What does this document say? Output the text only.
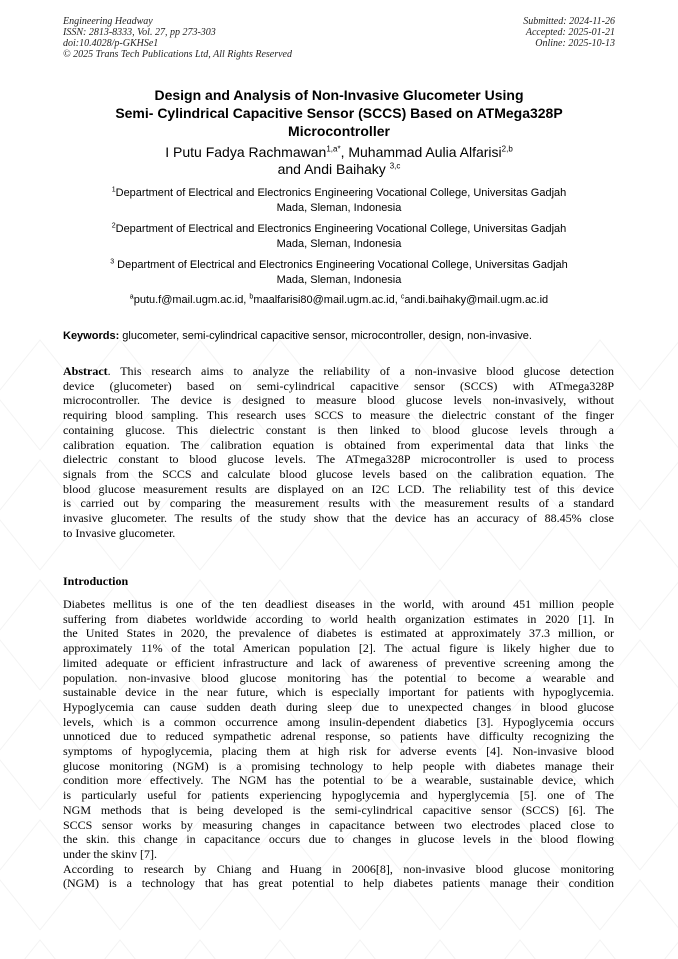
Engineering Headway
ISSN: 2813-8333, Vol. 27, pp 273-303
doi:10.4028/p-GKHSe1
© 2025 Trans Tech Publications Ltd, All Rights Reserved
Submitted: 2024-11-26
Accepted: 2025-01-21
Online: 2025-10-13
Design and Analysis of Non-Invasive Glucometer Using
Semi- Cylindrical Capacitive Sensor (SCCS) Based on ATMega328P
Microcontroller
I Putu Fadya Rachmawan$^{1,a*}$, Muhammad Aulia Alfarisi$^{2,b}$
and Andi Baihaky $^{3,c}$
$^1$Department of Electrical and Electronics Engineering Vocational College, Universitas Gadjah
Mada, Sleman, Indonesia
$^2$Department of Electrical and Electronics Engineering Vocational College, Universitas Gadjah
Mada, Sleman, Indonesia
$^3$ Department of Electrical and Electronics Engineering Vocational College, Universitas Gadjah
Mada, Sleman, Indonesia
$^a$putu.f@mail.ugm.ac.id, $^b$maalfarisi80@mail.ugm.ac.id, $^c$andi.baihaky@mail.ugm.ac.id
Keywords: glucometer, semi-cylindrical capacitive sensor, microcontroller, design, non-invasive.
Abstract. This research aims to analyze the reliability of a non-invasive blood glucose detection
device (glucometer) based on semi-cylindrical capacitive sensor (SCCS) with ATmega328P
microcontroller. The device is designed to measure blood glucose levels non-invasively, without
requiring blood sampling. This research uses SCCS to measure the dielectric constant of the finger
containing glucose. This dielectric constant is then linked to blood glucose levels through a
calibration equation. The calibration equation is obtained from experimental data that links the
dielectric constant to blood glucose levels. The ATmega328P microcontroller is used to process
signals from the SCCS and calculate blood glucose levels based on the calibration equation. The
blood glucose measurement results are displayed on an I2C LCD. The reliability test of this device
is carried out by comparing the measurement results with the measurement results of a standard
invasive glucometer. The results of the study show that the device has an accuracy of 88.45% close
to Invasive glucometer.
Introduction
Diabetes mellitus is one of the ten deadliest diseases in the world, with around 451 million people
suffering from diabetes worldwide according to world health organization estimates in 2020 [1]. In
the United States in 2020, the prevalence of diabetes is estimated at approximately 37.3 million, or
approximately 11% of the total American population [2]. The actual figure is likely higher due to
limited adequate or efficient infrastructure and lack of awareness of preventive screening among the
population. non-invasive blood glucose monitoring has the potential to become a wearable and
sustainable device in the near future, which is especially important for patients with hypoglycemia.
Hypoglycemia can cause sudden death during sleep due to unexpected changes in blood glucose
levels, which is a common occurrence among insulin-dependent diabetics [3]. Hypoglycemia occurs
unnoticed due to reduced sympathetic adrenal response, so patients have difficulty recognizing the
symptoms of hypoglycemia, placing them at high risk for adverse events [4]. Non-invasive blood
glucose monitoring (NGM) is a promising technology to help people with diabetes manage their
condition more effectively. The NGM has the potential to be a wearable, sustainable device, which
is particularly useful for patients experiencing hypoglycemia and hyperglycemia [5]. one of The
NGM methods that is being developed is the semi-cylindrical capacitive sensor (SCCS) [6]. The
SCCS sensor works by measuring changes in capacitance between two electrodes placed close to
the skin. this change in capacitance occurs due to changes in glucose levels in the blood flowing
under the skinv [7].
According to research by Chiang and Huang in 2006[8], non-invasive blood glucose monitoring
(NGM) is a technology that has great potential to help diabetes patients manage their condition
